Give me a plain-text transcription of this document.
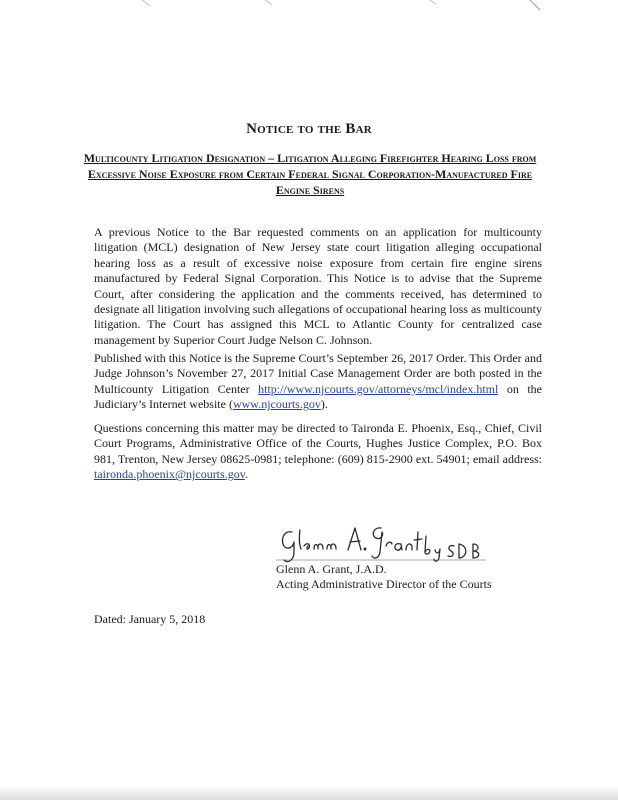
Notice to the Bar
Multicounty Litigation Designation – Litigation Alleging Firefighter Hearing Loss from Excessive Noise Exposure from Certain Federal Signal Corporation-Manufactured Fire Engine Sirens

A previous Notice to the Bar requested comments on an application for multicounty litigation (MCL) designation of New Jersey state court litigation alleging occupational hearing loss as a result of excessive noise exposure from certain fire engine sirens manufactured by Federal Signal Corporation. This Notice is to advise that the Supreme Court, after considering the application and the comments received, has determined to designate all litigation involving such allegations of occupational hearing loss as multicounty litigation. The Court has assigned this MCL to Atlantic County for centralized case management by Superior Court Judge Nelson C. Johnson.

Published with this Notice is the Supreme Court’s September 26, 2017 Order. This Order and Judge Johnson’s November 27, 2017 Initial Case Management Order are both posted in the Multicounty Litigation Center http://www.njcourts.gov/attorneys/mcl/index.html on the Judiciary’s Internet website (www.njcourts.gov).

Questions concerning this matter may be directed to Taironda E. Phoenix, Esq., Chief, Civil Court Programs, Administrative Office of the Courts, Hughes Justice Complex, P.O. Box 981, Trenton, New Jersey 08625-0981; telephone: (609) 815-2900 ext. 54901; email address: taironda.phoenix@njcourts.gov.

Glenn A. Grant, J.A.D.
Acting Administrative Director of the Courts
Dated: January 5, 2018
